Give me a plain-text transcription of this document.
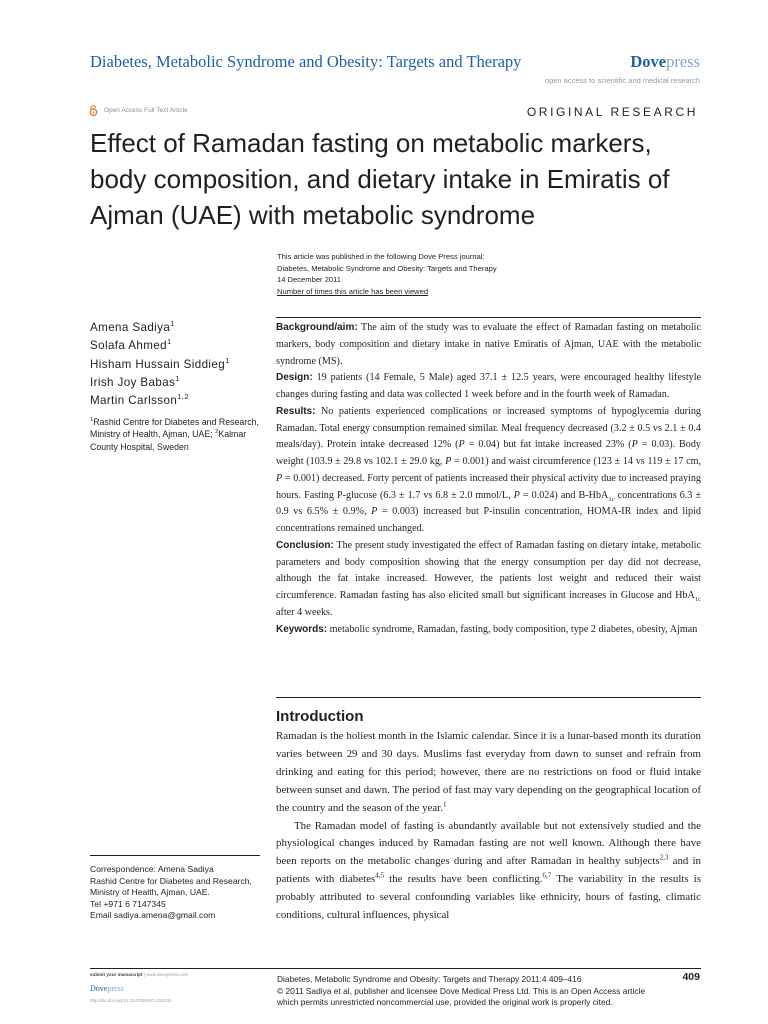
Diabetes, Metabolic Syndrome and Obesity: Targets and Therapy	Dovepress
open access to scientific and medical research
Open Access Full Text Article	ORIGINAL RESEARCH
Effect of Ramadan fasting on metabolic markers, body composition, and dietary intake in Emiratis of Ajman (UAE) with metabolic syndrome
This article was published in the following Dove Press journal:
Diabetes, Metabolic Syndrome and Obesity: Targets and Therapy
14 December 2011
Number of times this article has been viewed
Amena Sadiya$^1$
Solafa Ahmed$^1$
Hisham Hussain Siddieg$^1$
Irish Joy Babas$^1$
Martin Carlsson$^{1,2}$
$^1$Rashid Centre for Diabetes and Research, Ministry of Health, Ajman, UAE; $^2$Kalmar County Hospital, Sweden

Background/aim: The aim of the study was to evaluate the effect of Ramadan fasting on metabolic markers, body composition and dietary intake in native Emiratis of Ajman, UAE with the metabolic syndrome (MS).

Design: 19 patients (14 Female, 5 Male) aged 37.1 ± 12.5 years, were encouraged healthy lifestyle changes during fasting and data was collected 1 week before and in the fourth week of Ramadan.

Results: No patients experienced complications or increased symptoms of hypoglycemia during Ramadan. Total energy consumption remained similar. Meal frequency decreased (3.2 ± 0.5 vs 2.1 ± 0.4 meals/day). Protein intake decreased 12% (P = 0.04) but fat intake increased 23% (P = 0.03). Body weight (103.9 ± 29.8 vs 102.1 ± 29.0 kg, P = 0.001) and waist circumference (123 ± 14 vs 119 ± 17 cm, P = 0.001) decreased. Forty percent of patients increased their physical activity due to increased praying hours. Fasting P-glucose (6.3 ± 1.7 vs 6.8 ± 2.0 mmol/L, P = 0.024) and B-HbA$_{1c}$ concentrations 6.3 ± 0.9 vs 6.5% ± 0.9%, P = 0.003) increased but P-insulin concentration, HOMA-IR index and lipid concentrations remained unchanged.

Conclusion: The present study investigated the effect of Ramadan fasting on dietary intake, metabolic parameters and body composition showing that the energy consumption per day did not decrease, although the fat intake increased. However, the patients lost weight and reduced their waist circumference. Ramadan fasting has also elicited small but significant increases in Glucose and HbA$_{1c}$ after 4 weeks.

Keywords: metabolic syndrome, Ramadan, fasting, body composition, type 2 diabetes, obesity, Ajman

Introduction

Ramadan is the holiest month in the Islamic calendar. Since it is a lunar-based month its duration varies between 29 and 30 days. Muslims fast everyday from dawn to sunset and refrain from drinking and eating for this period; however, there are no restrictions on food or fluid intake between sunset and dawn. The period of fast may vary depending on the geographical location of the country and the season of the year.$^1$

The Ramadan model of fasting is abundantly available but not extensively studied and the physiological changes induced by Ramadan fasting are not well known. Although there have been reports on the metabolic changes during and after Ramadan in healthy subjects$^{2,3}$ and in patients with diabetes$^{4,5}$ the results have been conflicting.$^{6,7}$ The variability in the results is probably attributed to several confounding variables like ethnicity, hours of fasting, climatic conditions, cultural influences, physical

Correspondence: Amena Sadiya
Rashid Centre for Diabetes and Research,
Ministry of Health, Ajman, UAE.
Tel +971 6 7147345
Email sadiya.amena@gmail.com
submit your manuscript | www.dovepress.com
Dovepress
http://dx.doi.org/10.2147/DMSO.S24231
Diabetes, Metabolic Syndrome and Obesity: Targets and Therapy 2011:4 409–416
© 2011 Sadiya et al, publisher and licensee Dove Medical Press Ltd. This is an Open Access article
which permits unrestricted noncommercial use, provided the original work is properly cited.
409
